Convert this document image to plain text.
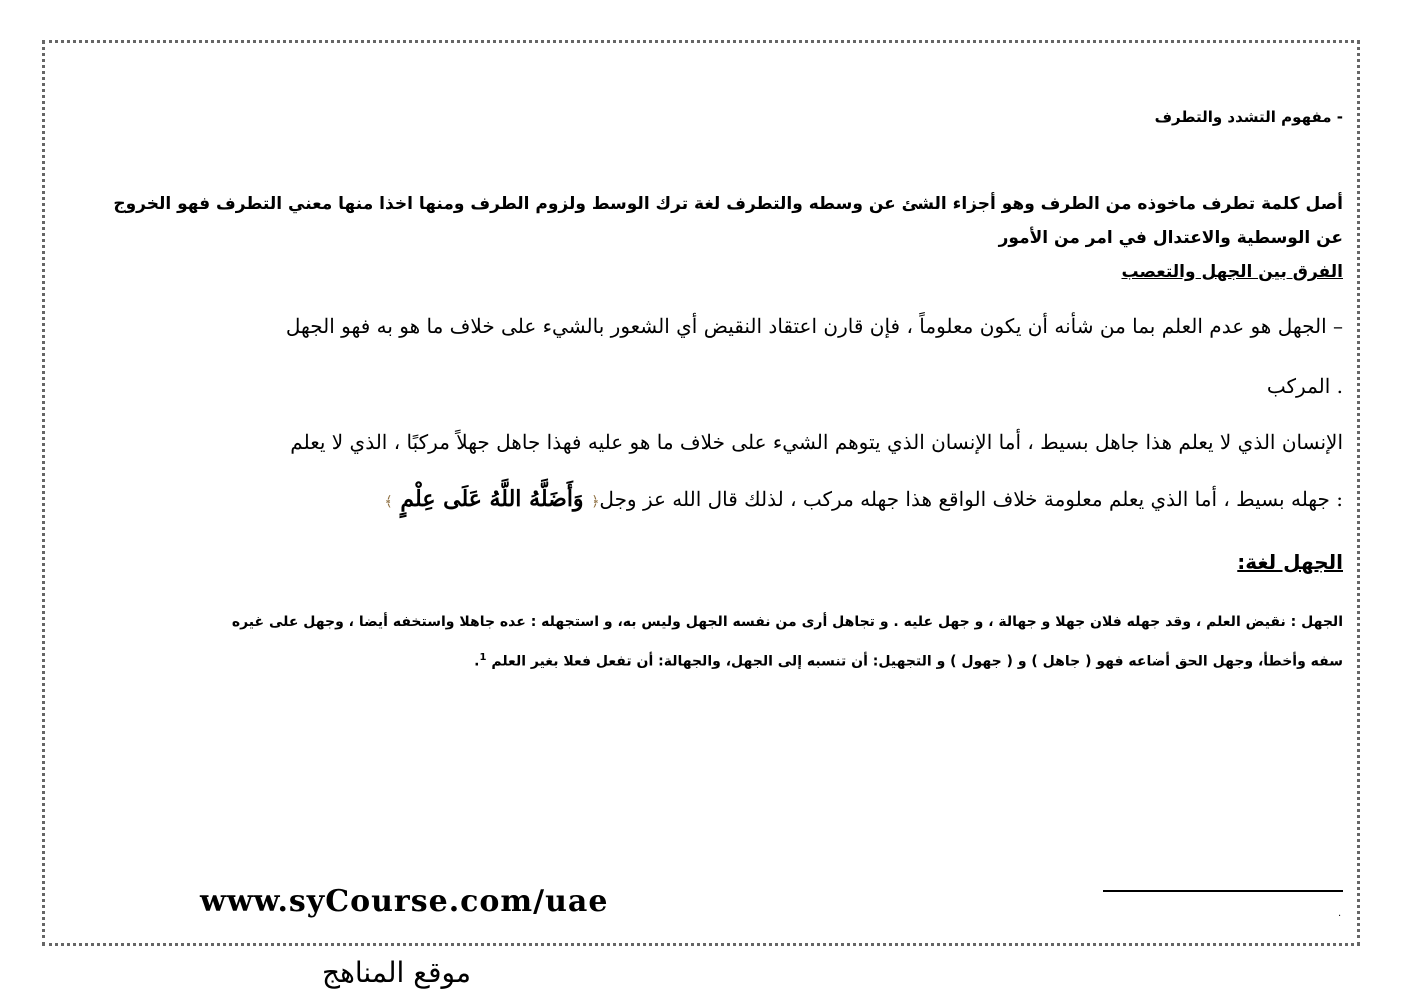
- مفهوم التشدد والتطرف
أصل كلمة تطرف ماخوذه من الطرف وهو أجزاء الشئ عن وسطه والتطرف لغة ترك الوسط ولزوم الطرف ومنها اخذا منها معني التطرف فهو الخروج
عن الوسطية والاعتدال في امر من الأمور
الفرق بين الجهل والتعصب
– الجهل هو عدم العلم بما من شأنه أن يكون معلوماً ، فإن قارن اعتقاد النقيض أي الشعور بالشيء على خلاف ما هو به فهو الجهل
. المركب
الإنسان الذي لا يعلم هذا جاهل بسيط ، أما الإنسان الذي يتوهم الشيء على خلاف ما هو عليه فهذا جاهل جهلاً مركبًا ، الذي لا يعلم
: جهله بسيط ، أما الذي يعلم معلومة خلاف الواقع هذا جهله مركب ، لذلك قال الله عز وجل﴿ وَأَضَلَّهُ اللَّهُ عَلَى عِلْمٍ ﴾
الجهل لغة:
الجهل : نقيض العلم ، وقد جهله فلان جهلا و جهالة ، و جهل عليه . و تجاهل أرى من نفسه الجهل وليس به، و استجهله : عده جاهلا واستخفه أيضا ، وجهل على غيره
سفه وأخطأ، وجهل الحق أضاعه فهو ( جاهل ) و ( جهول ) و التجهيل: أن تنسبه إلى الجهل، والجهالة: أن تفعل فعلا بغير العلم $^1$.
.
www.syCourse.com/uae
موقع المناهج
